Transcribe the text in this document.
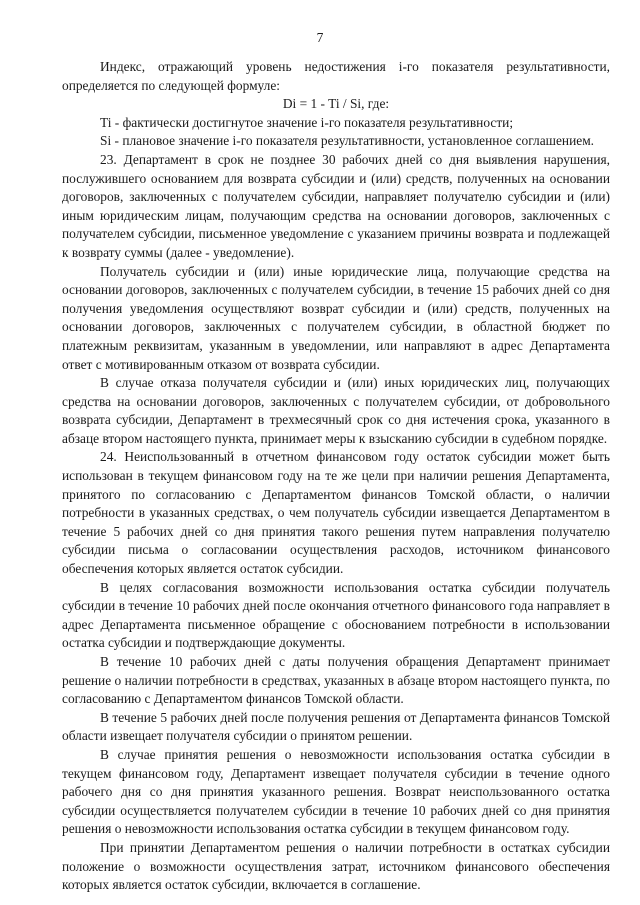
7

Индекс, отражающий уровень недостижения i-го показателя результативности, определяется по следующей формуле:

Di = 1 - Ti / Si, где:

Ti - фактически достигнутое значение i-го показателя результативности;

Si - плановое значение i-го показателя результативности, установленное соглашением.

23. Департамент в срок не позднее 30 рабочих дней со дня выявления нарушения, послужившего основанием для возврата субсидии и (или) средств, полученных на основании договоров, заключенных с получателем субсидии, направляет получателю субсидии и (или) иным юридическим лицам, получающим средства на основании договоров, заключенных с получателем субсидии, письменное уведомление с указанием причины возврата и подлежащей к возврату суммы (далее - уведомление).

Получатель субсидии и (или) иные юридические лица, получающие средства на основании договоров, заключенных с получателем субсидии, в течение 15 рабочих дней со дня получения уведомления осуществляют возврат субсидии и (или) средств, полученных на основании договоров, заключенных с получателем субсидии, в областной бюджет по платежным реквизитам, указанным в уведомлении, или направляют в адрес Департамента ответ с мотивированным отказом от возврата субсидии.

В случае отказа получателя субсидии и (или) иных юридических лиц, получающих средства на основании договоров, заключенных с получателем субсидии, от добровольного возврата субсидии, Департамент в трехмесячный срок со дня истечения срока, указанного в абзаце втором настоящего пункта, принимает меры к взысканию субсидии в судебном порядке.

24. Неиспользованный в отчетном финансовом году остаток субсидии может быть использован в текущем финансовом году на те же цели при наличии решения Департамента, принятого по согласованию с Департаментом финансов Томской области, о наличии потребности в указанных средствах, о чем получатель субсидии извещается Департаментом в течение 5 рабочих дней со дня принятия такого решения путем направления получателю субсидии письма о согласовании осуществления расходов, источником финансового обеспечения которых является остаток субсидии.

В целях согласования возможности использования остатка субсидии получатель субсидии в течение 10 рабочих дней после окончания отчетного финансового года направляет в адрес Департамента письменное обращение с обоснованием потребности в использовании остатка субсидии и подтверждающие документы.

В течение 10 рабочих дней с даты получения обращения Департамент принимает решение о наличии потребности в средствах, указанных в абзаце втором настоящего пункта, по согласованию с Департаментом финансов Томской области.

В течение 5 рабочих дней после получения решения от Департамента финансов Томской области извещает получателя субсидии о принятом решении.

В случае принятия решения о невозможности использования остатка субсидии в текущем финансовом году, Департамент извещает получателя субсидии в течение одного рабочего дня со дня принятия указанного решения. Возврат неиспользованного остатка субсидии осуществляется получателем субсидии в течение 10 рабочих дней со дня принятия решения о невозможности использования остатка субсидии в текущем финансовом году.

При принятии Департаментом решения о наличии потребности в остатках субсидии положение о возможности осуществления затрат, источником финансового обеспечения которых является остаток субсидии, включается в соглашение.
